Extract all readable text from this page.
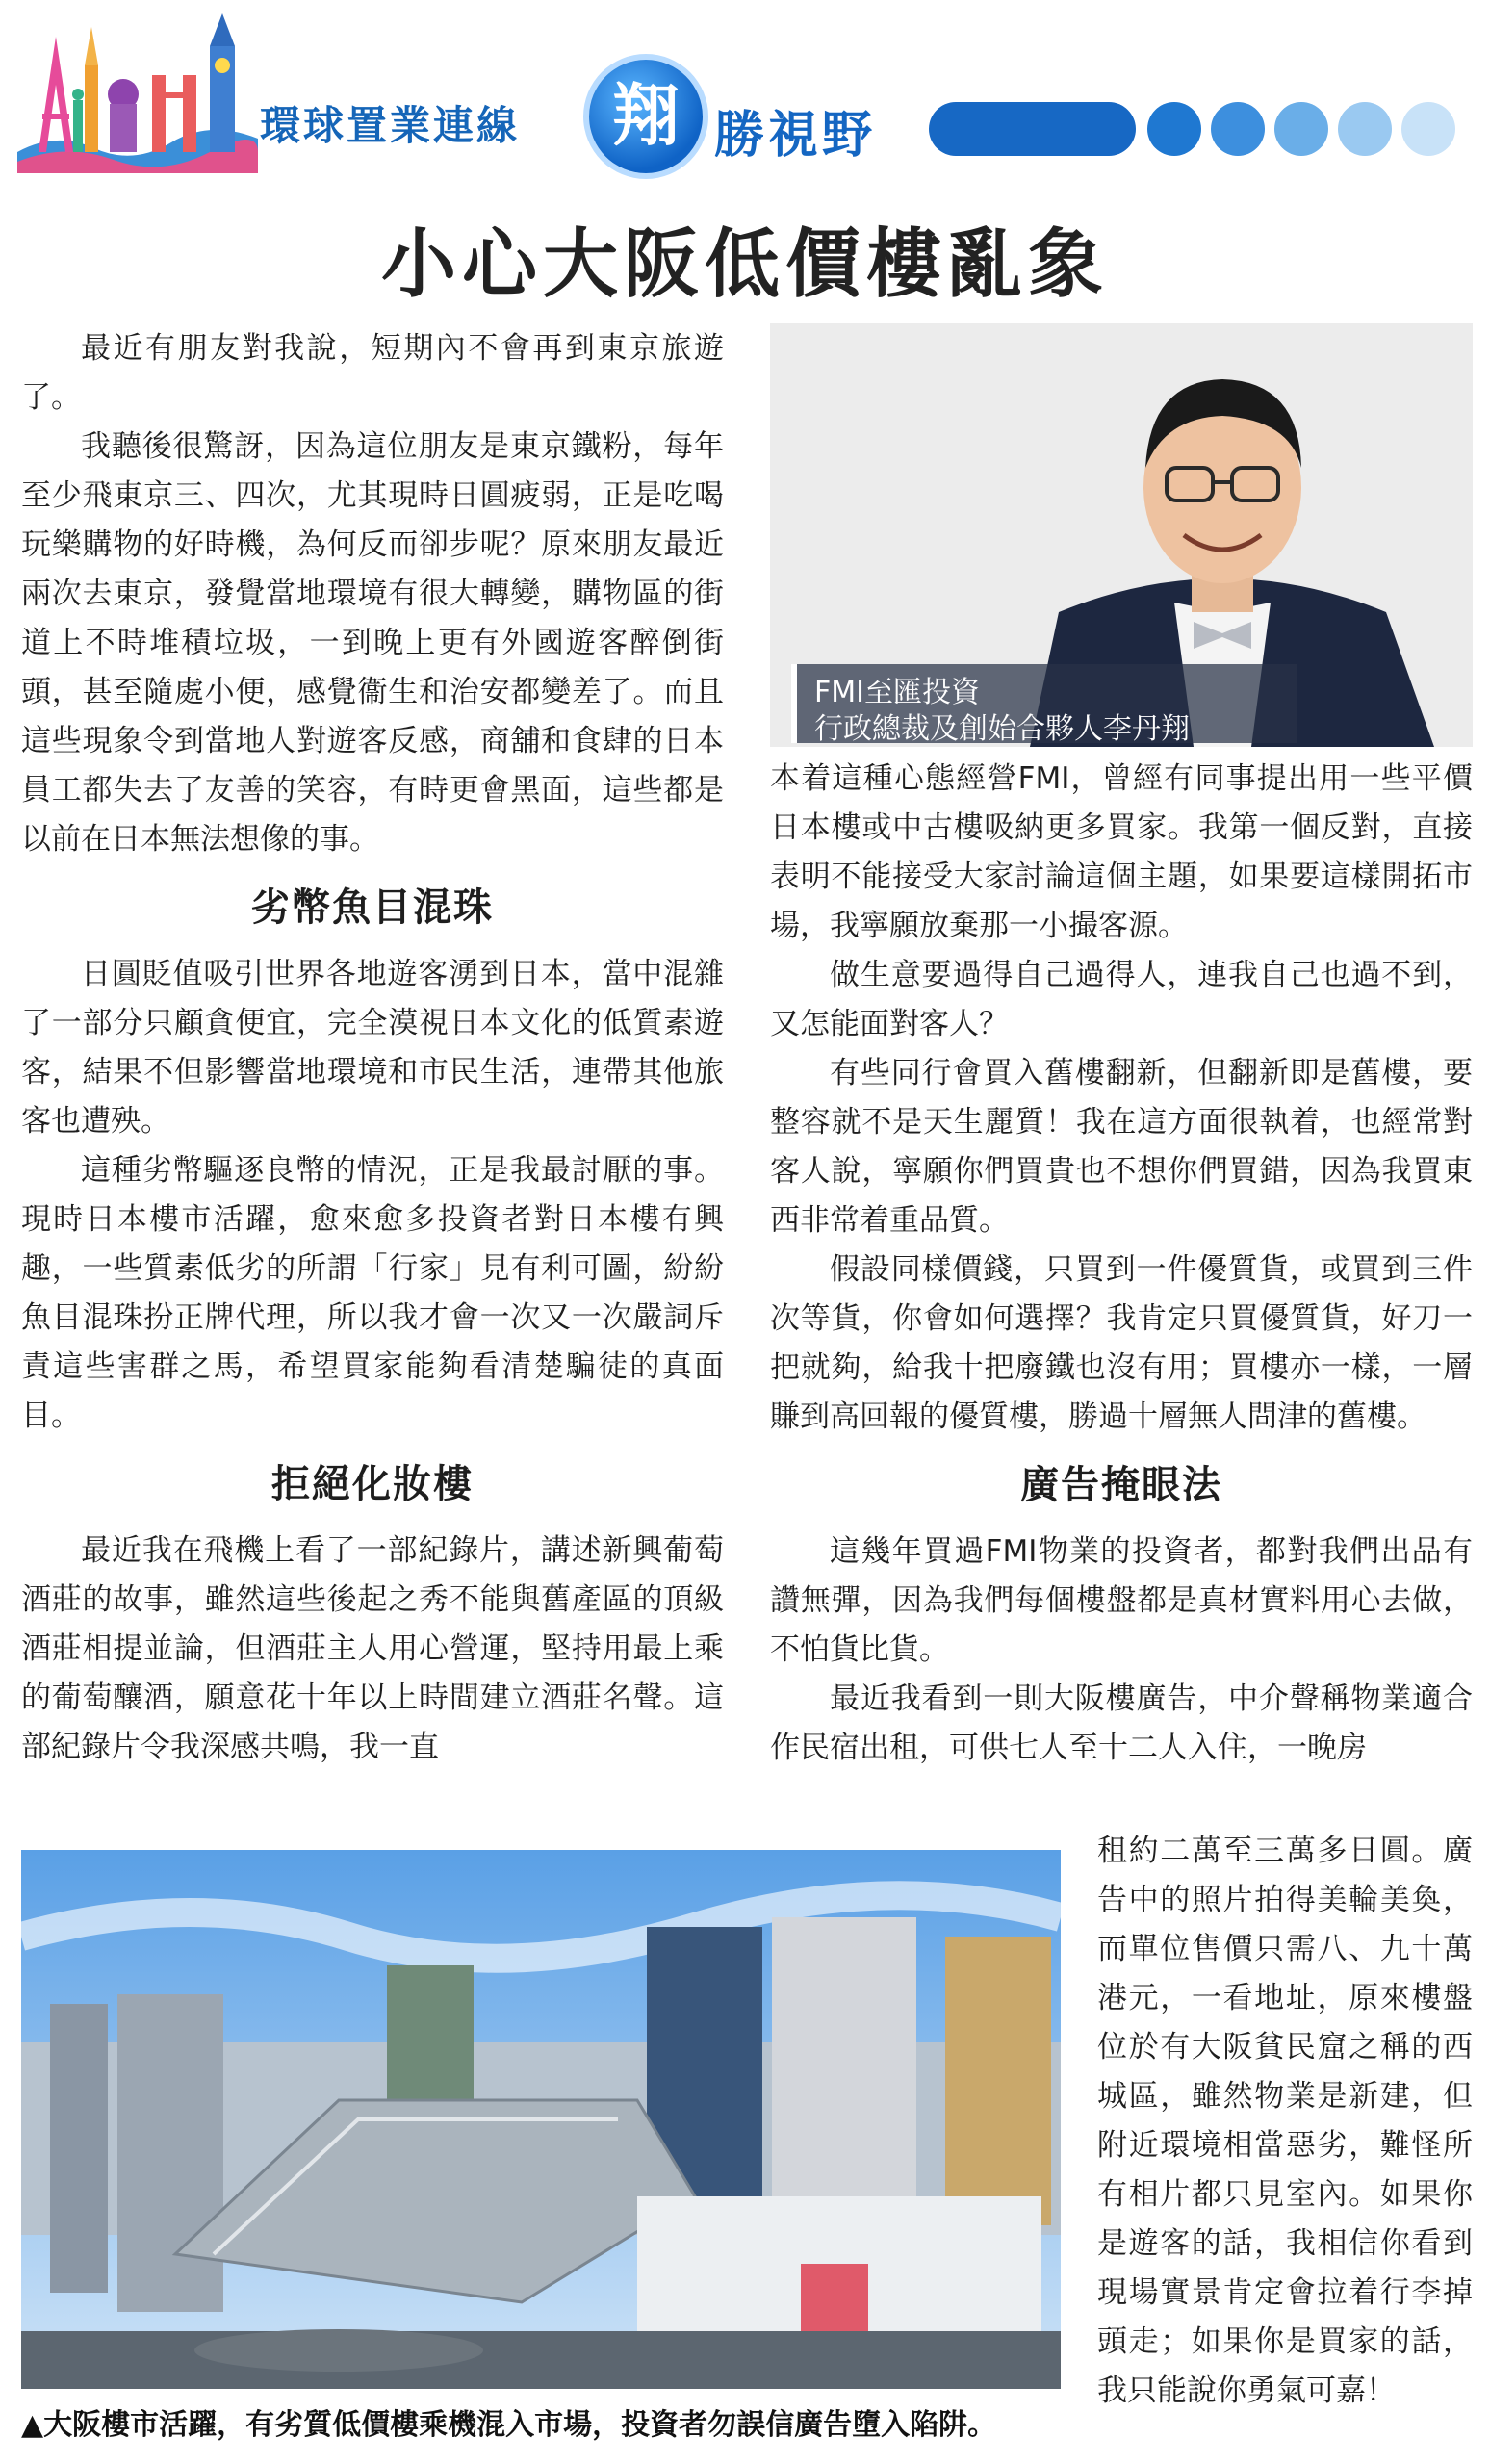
環球置業連線	翔 勝視野
小心大阪低價樓亂象

最近有朋友對我說，短期內不會再到東京旅遊了。

我聽後很驚訝，因為這位朋友是東京鐵粉，每年至少飛東京三、四次，尤其現時日圓疲弱，正是吃喝玩樂購物的好時機，為何反而卻步呢？原來朋友最近兩次去東京，發覺當地環境有很大轉變，購物區的街道上不時堆積垃圾，一到晚上更有外國遊客醉倒街頭，甚至隨處小便，感覺衞生和治安都變差了。而且這些現象令到當地人對遊客反感，商舖和食肆的日本員工都失去了友善的笑容，有時更會黑面，這些都是以前在日本無法想像的事。

劣幣魚目混珠

日圓貶值吸引世界各地遊客湧到日本，當中混雜了一部分只顧貪便宜，完全漠視日本文化的低質素遊客，結果不但影響當地環境和市民生活，連帶其他旅客也遭殃。

這種劣幣驅逐良幣的情況，正是我最討厭的事。現時日本樓市活躍，愈來愈多投資者對日本樓有興趣，一些質素低劣的所謂「行家」見有利可圖，紛紛魚目混珠扮正牌代理，所以我才會一次又一次嚴詞斥責這些害群之馬，希望買家能夠看清楚騙徒的真面目。

拒絕化妝樓

最近我在飛機上看了一部紀錄片，講述新興葡萄酒莊的故事，雖然這些後起之秀不能與舊產區的頂級酒莊相提並論，但酒莊主人用心營運，堅持用最上乘的葡萄釀酒，願意花十年以上時間建立酒莊名聲。這部紀錄片令我深感共鳴，我一直

FMI至匯投資
行政總裁及創始合夥人李丹翔

本着這種心態經營FMI，曾經有同事提出用一些平價日本樓或中古樓吸納更多買家。我第一個反對，直接表明不能接受大家討論這個主題，如果要這樣開拓市場，我寧願放棄那一小撮客源。

做生意要過得自己過得人，連我自己也過不到，又怎能面對客人？

有些同行會買入舊樓翻新，但翻新即是舊樓，要整容就不是天生麗質！我在這方面很執着，也經常對客人說，寧願你們買貴也不想你們買錯，因為我買東西非常着重品質。

假設同樣價錢，只買到一件優質貨，或買到三件次等貨，你會如何選擇？我肯定只買優質貨，好刀一把就夠，給我十把廢鐵也沒有用；買樓亦一樣，一層賺到高回報的優質樓，勝過十層無人問津的舊樓。

廣告掩眼法

這幾年買過FMI物業的投資者，都對我們出品有讚無彈，因為我們每個樓盤都是真材實料用心去做，不怕貨比貨。

最近我看到一則大阪樓廣告，中介聲稱物業適合作民宿出租，可供七人至十二人入住，一晚房

租約二萬至三萬多日圓。廣告中的照片拍得美輪美奐，而單位售價只需八、九十萬港元，一看地址，原來樓盤位於有大阪貧民窟之稱的西城區，雖然物業是新建，但附近環境相當惡劣，難怪所有相片都只見室內。如果你是遊客的話，我相信你看到現場實景肯定會拉着行李掉頭走；如果你是買家的話，我只能說你勇氣可嘉！

▲大阪樓市活躍，有劣質低價樓乘機混入市場，投資者勿誤信廣告墮入陷阱。
